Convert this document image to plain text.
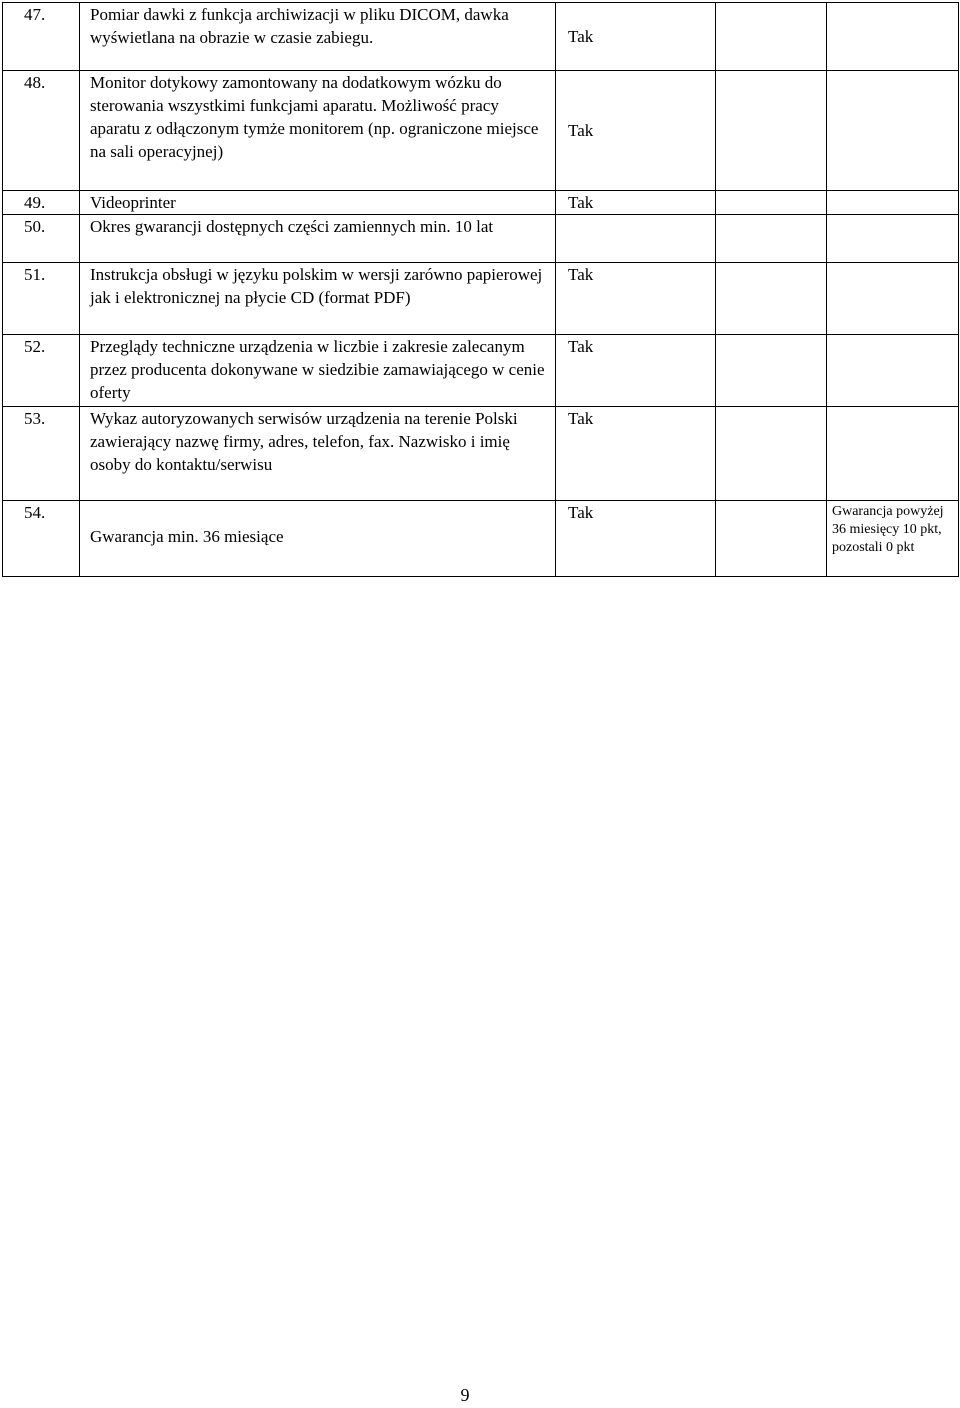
47.	Pomiar dawki z funkcja archiwizacji w pliku DICOM, dawka wyświetlana na obrazie w czasie zabiegu.	Tak		
48.	Monitor dotykowy zamontowany na dodatkowym wózku do sterowania wszystkimi funkcjami aparatu. Możliwość pracy aparatu z odłączonym tymże monitorem (np. ograniczone miejsce na sali operacyjnej)	Tak		
49.	Videoprinter	Tak		
50.	Okres gwarancji dostępnych części zamiennych min. 10 lat			
51.	Instrukcja obsługi w języku polskim w wersji zarówno papierowej jak i elektronicznej na płycie CD (format PDF)	Tak		
52.	Przeglądy techniczne urządzenia w liczbie i zakresie zalecanym przez producenta dokonywane w siedzibie zamawiającego w cenie oferty	Tak		
53.	Wykaz autoryzowanych serwisów urządzenia na terenie Polski zawierający nazwę firmy, adres, telefon, fax. Nazwisko i imię osoby do kontaktu/serwisu	Tak		
54.	Gwarancja min. 36 miesiące	Tak		Gwarancja powyżej 36 miesięcy 10 pkt, pozostali 0 pkt
9
